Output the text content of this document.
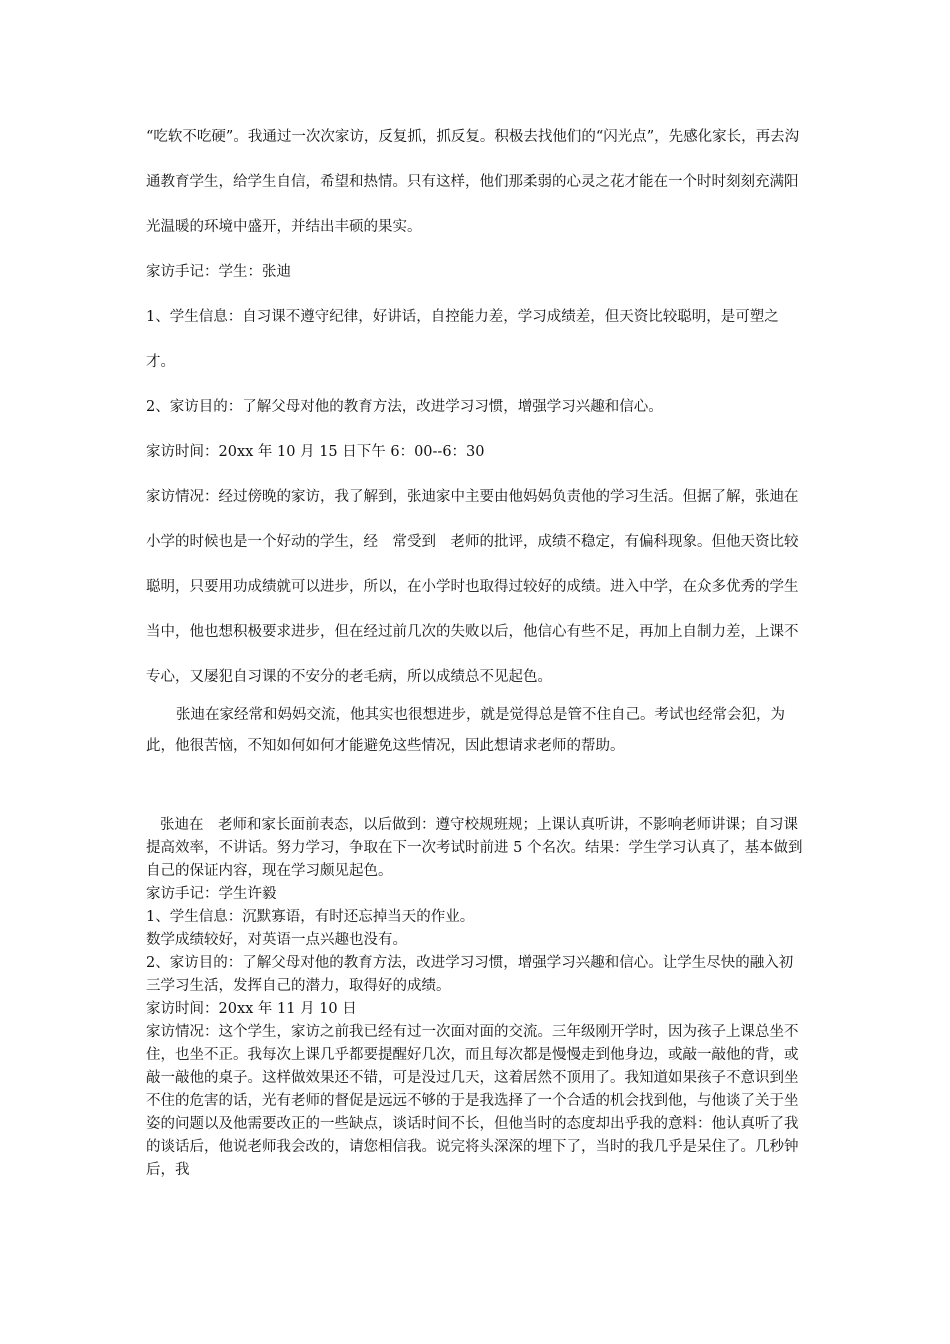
“吃软不吃硬”。我通过一次次家访，反复抓，抓反复。积极去找他们的“闪光点”，先感化家长，再去沟通教育学生，给学生自信，希望和热情。只有这样，他们那柔弱的心灵之花才能在一个时时刻刻充满阳光温暖的环境中盛开，并结出丰硕的果实。

家访手记：学生：张迪

1、学生信息：自习课不遵守纪律，好讲话，自控能力差，学习成绩差，但天资比较聪明，是可塑之才。

2、家访目的：了解父母对他的教育方法，改进学习习惯，增强学习兴趣和信心。

家访时间：20xx 年 10 月 15 日下午 6：00--6：30

家访情况：经过傍晚的家访，我了解到，张迪家中主要由他妈妈负责他的学习生活。但据了解，张迪在小学的时候也是一个好动的学生，经　常受到　老师的批评，成绩不稳定，有偏科现象。但他天资比较聪明，只要用功成绩就可以进步，所以，在小学时也取得过较好的成绩。进入中学，在众多优秀的学生当中，他也想积极要求进步，但在经过前几次的失败以后，他信心有些不足，再加上自制力差，上课不专心，又屡犯自习课的不安分的老毛病，所以成绩总不见起色。

张迪在家经常和妈妈交流，他其实也很想进步，就是觉得总是管不住自己。考试也经常会犯，为此，他很苦恼，不知如何如何才能避免这些情况，因此想请求老师的帮助。

张迪在　老师和家长面前表态，以后做到：遵守校规班规；上课认真听讲，不影响老师讲课；自习课提高效率，不讲话。努力学习，争取在下一次考试时前进 5 个名次。结果：学生学习认真了，基本做到自己的保证内容，现在学习颇见起色。

家访手记：学生许毅

1、学生信息：沉默寡语，有时还忘掉当天的作业。

数学成绩较好，对英语一点兴趣也没有。

2、家访目的：了解父母对他的教育方法，改进学习习惯，增强学习兴趣和信心。让学生尽快的融入初三学习生活，发挥自己的潜力，取得好的成绩。

家访时间：20xx 年 11 月 10 日

家访情况：这个学生，家访之前我已经有过一次面对面的交流。三年级刚开学时，因为孩子上课总坐不住，也坐不正。我每次上课几乎都要提醒好几次，而且每次都是慢慢走到他身边，或敲一敲他的背，或敲一敲他的桌子。这样做效果还不错，可是没过几天，这着居然不顶用了。我知道如果孩子不意识到坐不住的危害的话，光有老师的督促是远远不够的于是我选择了一个合适的机会找到他，与他谈了关于坐姿的问题以及他需要改正的一些缺点，谈话时间不长，但他当时的态度却出乎我的意料：他认真听了我的谈话后，他说老师我会改的，请您相信我。说完将头深深的埋下了，当时的我几乎是呆住了。几秒钟后，我
